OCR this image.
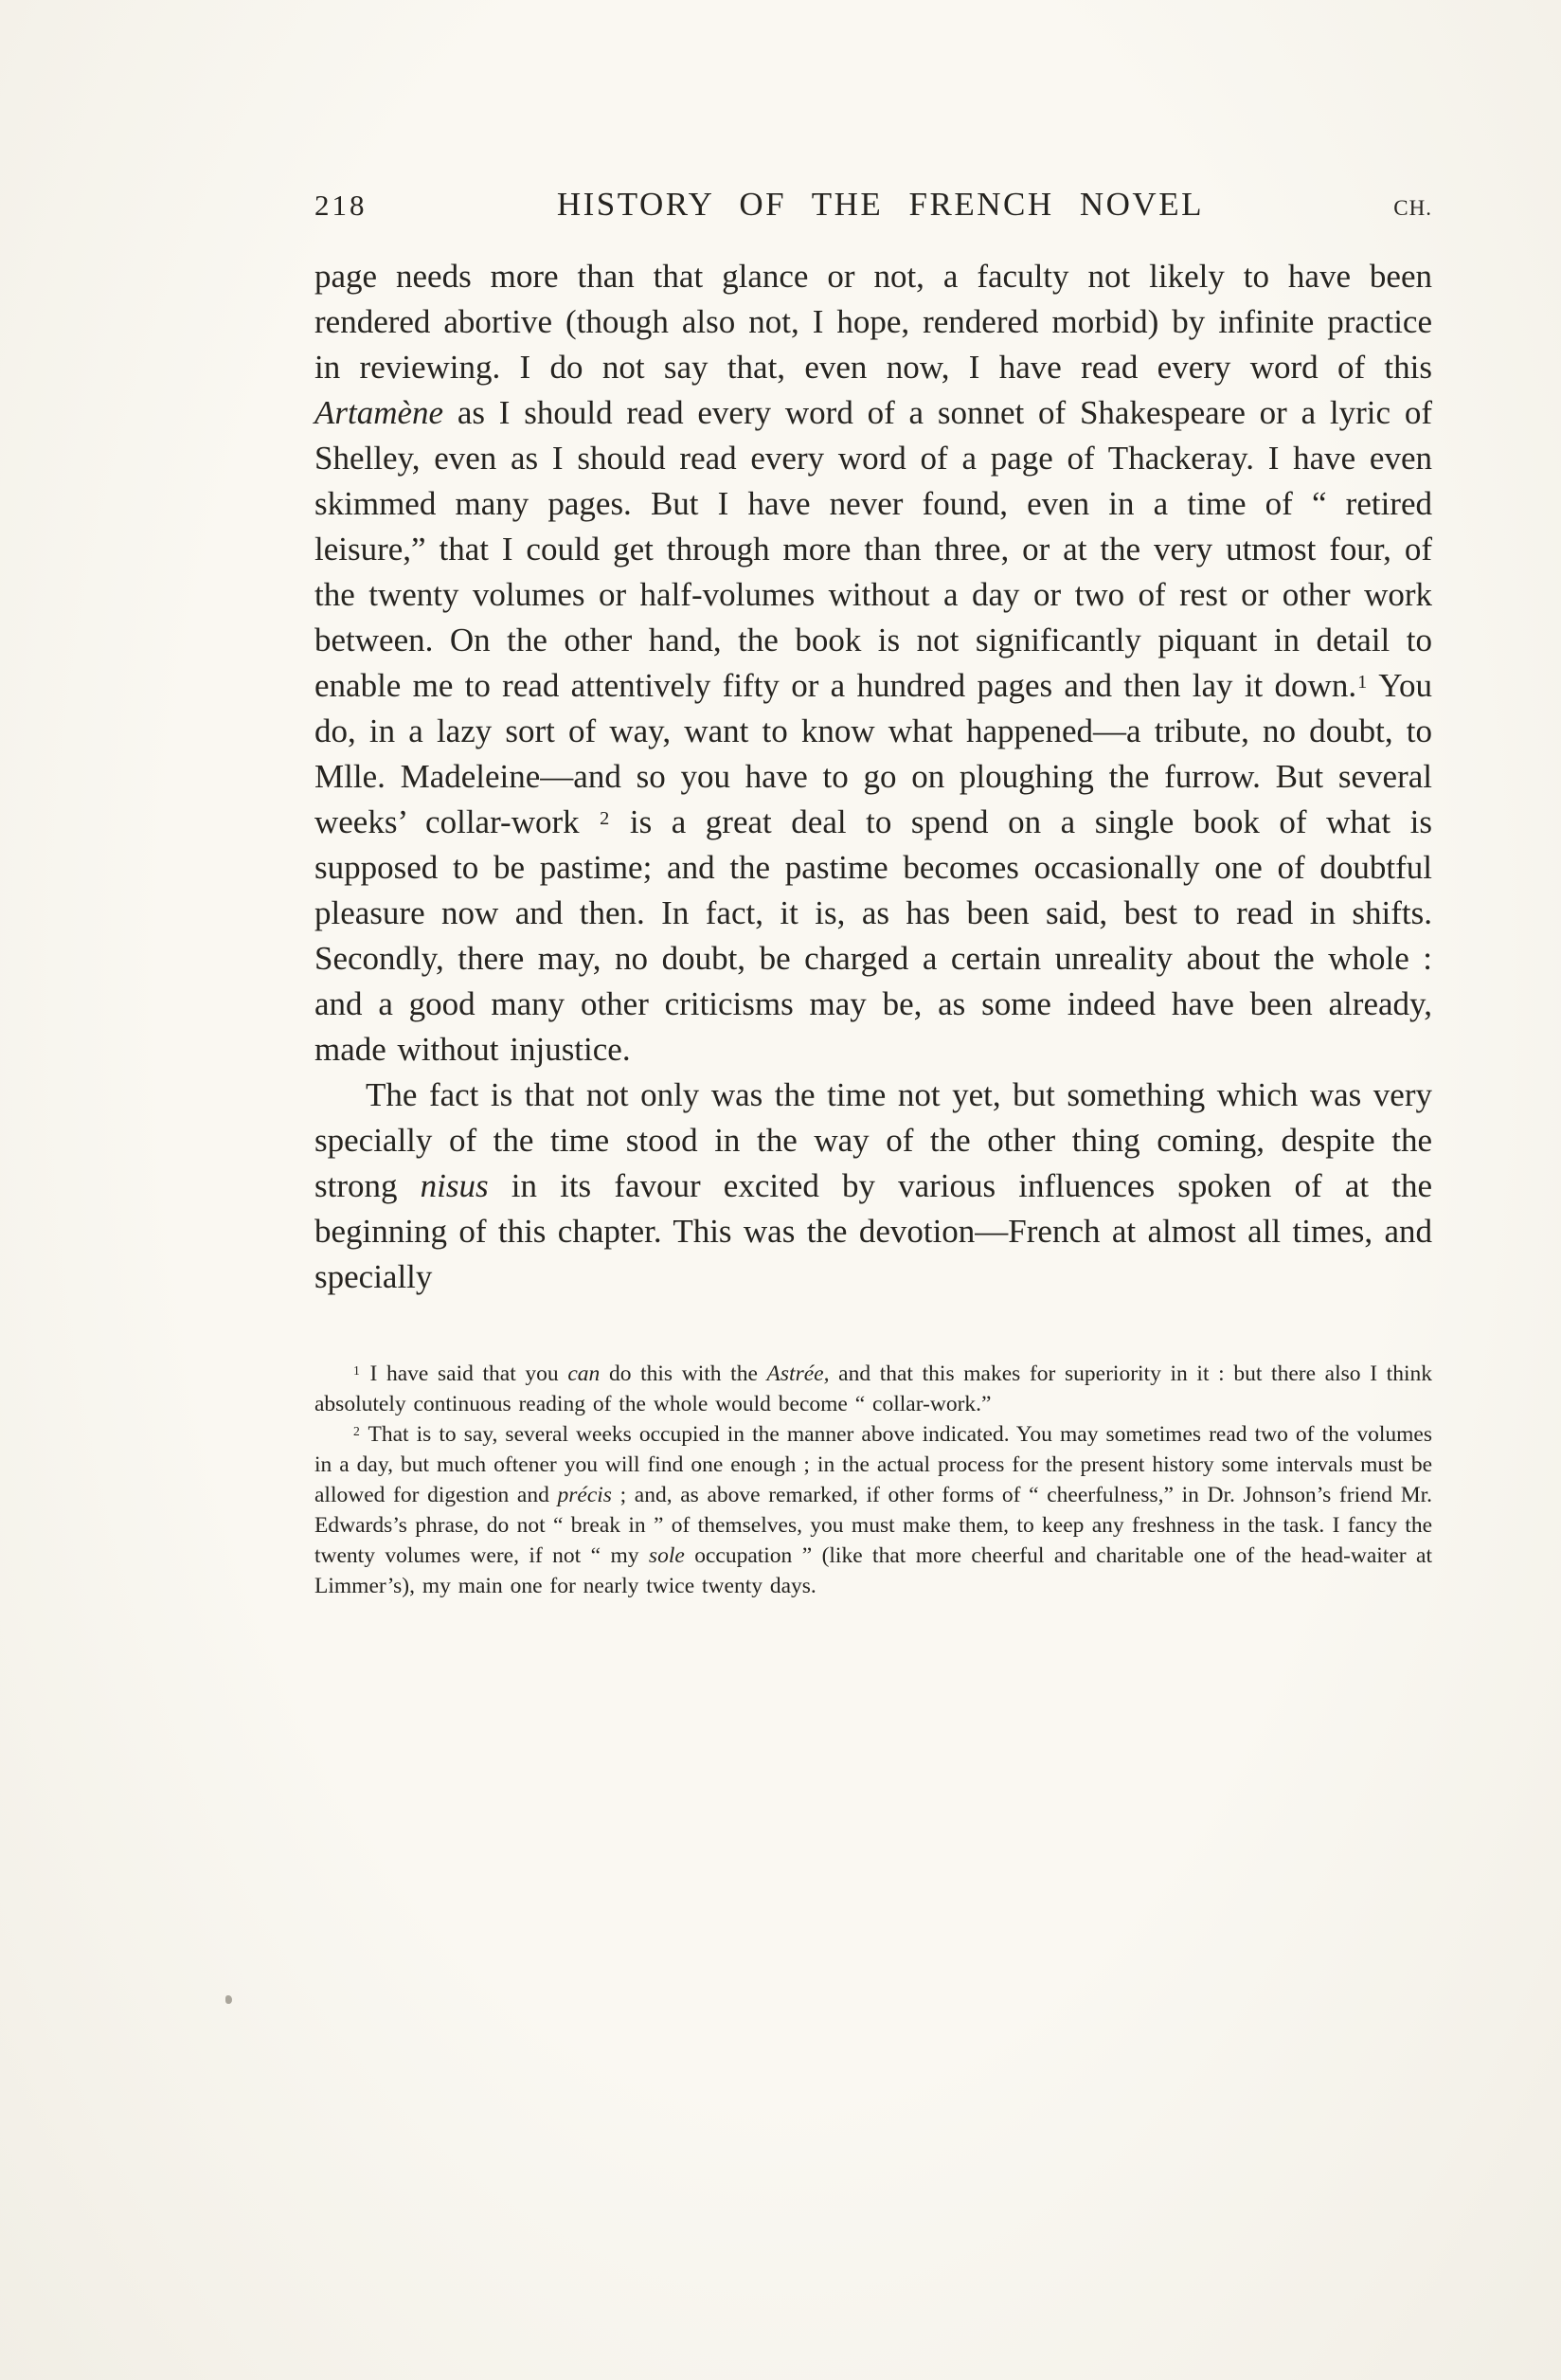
218	HISTORY OF THE FRENCH NOVEL	CH.

page needs more than that glance or not, a faculty not likely to have been rendered abortive (though also not, I hope, rendered morbid) by infinite practice in reviewing. I do not say that, even now, I have read every word of this Artamène as I should read every word of a sonnet of Shakespeare or a lyric of Shelley, even as I should read every word of a page of Thackeray. I have even skimmed many pages. But I have never found, even in a time of “ retired leisure,” that I could get through more than three, or at the very utmost four, of the twenty volumes or half-volumes without a day or two of rest or other work between. On the other hand, the book is not significantly piquant in detail to enable me to read attentively fifty or a hundred pages and then lay it down.$^1$ You do, in a lazy sort of way, want to know what happened—a tribute, no doubt, to Mlle. Madeleine—and so you have to go on ploughing the furrow. But several weeks’ collar-work $^2$ is a great deal to spend on a single book of what is supposed to be pastime; and the pastime becomes occasionally one of doubtful pleasure now and then. In fact, it is, as has been said, best to read in shifts. Secondly, there may, no doubt, be charged a certain unreality about the whole : and a good many other criticisms may be, as some indeed have been already, made without injustice.

The fact is that not only was the time not yet, but something which was very specially of the time stood in the way of the other thing coming, despite the strong nisus in its favour excited by various influences spoken of at the beginning of this chapter. This was the devotion—French at almost all times, and specially

$^1$ I have said that you can do this with the Astrée, and that this makes for superiority in it : but there also I think absolutely continuous reading of the whole would become “ collar-work.”

$^2$ That is to say, several weeks occupied in the manner above indicated. You may sometimes read two of the volumes in a day, but much oftener you will find one enough ; in the actual process for the present history some intervals must be allowed for digestion and précis ; and, as above remarked, if other forms of “ cheerfulness,” in Dr. Johnson’s friend Mr. Edwards’s phrase, do not “ break in ” of themselves, you must make them, to keep any freshness in the task. I fancy the twenty volumes were, if not “ my sole occupation ” (like that more cheerful and charitable one of the head-waiter at Limmer’s), my main one for nearly twice twenty days.
